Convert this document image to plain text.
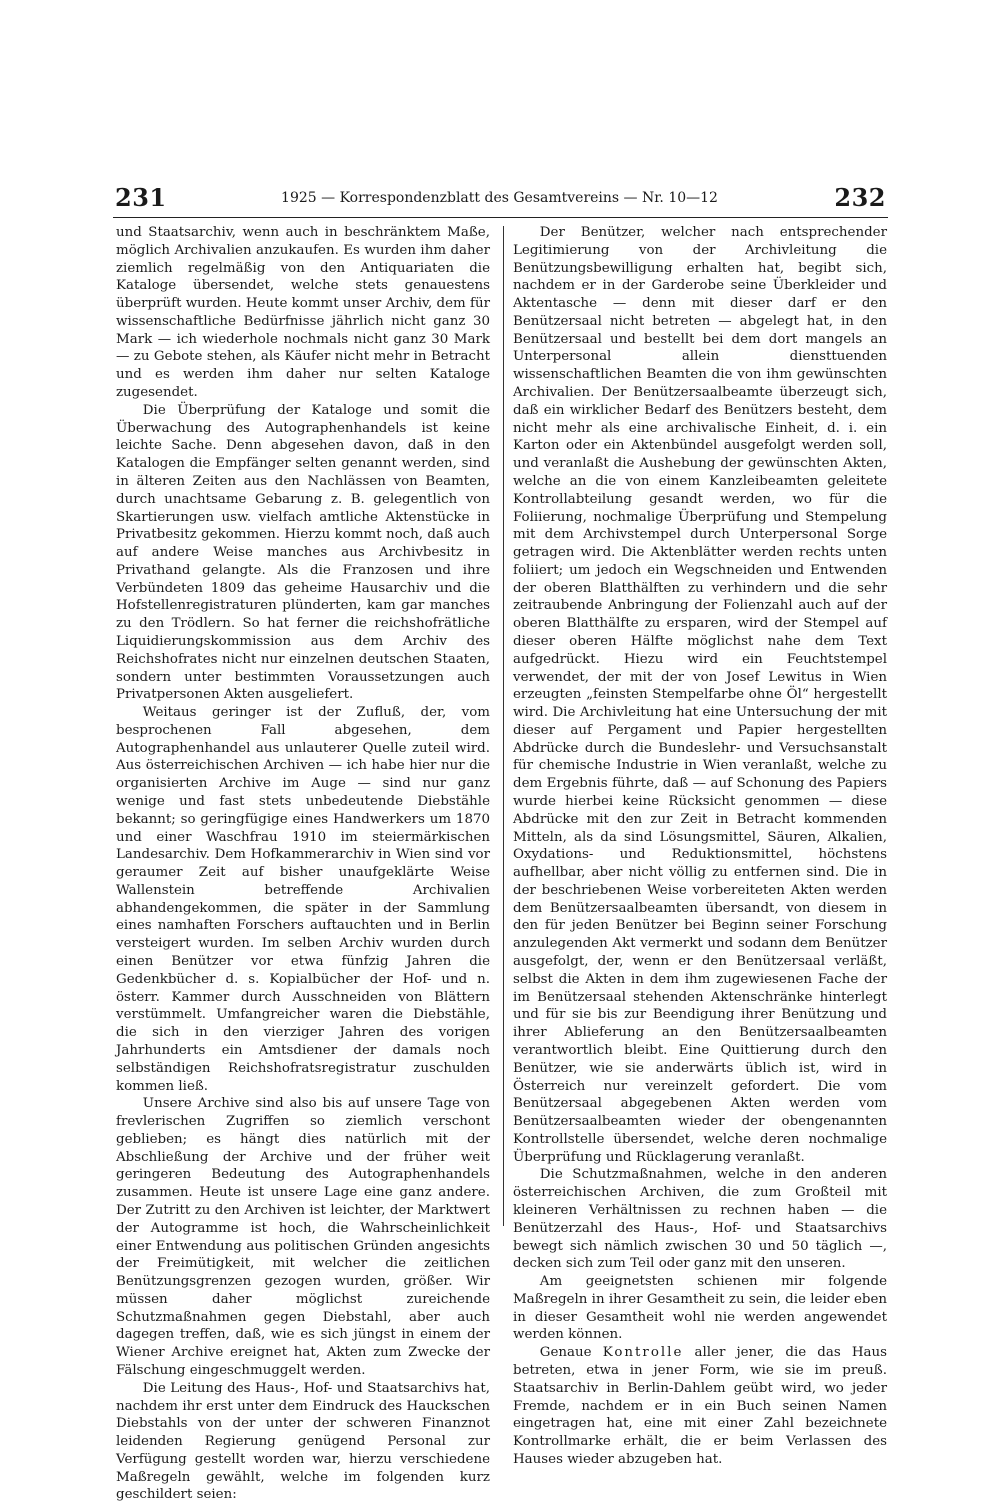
231	1925 — Korrespondenzblatt des Gesamtvereins — Nr. 10—12	232

und Staatsarchiv, wenn auch in beschränktem Maße, möglich Archivalien anzukaufen. Es wurden ihm daher ziemlich regelmäßig von den Antiquariaten die Kataloge übersendet, welche stets genauestens überprüft wurden. Heute kommt unser Archiv, dem für wissenschaftliche Bedürfnisse jährlich nicht ganz 30 Mark — ich wiederhole nochmals nicht ganz 30 Mark — zu Gebote stehen, als Käufer nicht mehr in Betracht und es werden ihm daher nur selten Kataloge zugesendet.

Die Überprüfung der Kataloge und somit die Überwachung des Autographenhandels ist keine leichte Sache. Denn abgesehen davon, daß in den Katalogen die Empfänger selten genannt werden, sind in älteren Zeiten aus den Nachlässen von Beamten, durch unachtsame Gebarung z. B. gelegentlich von Skartierungen usw. vielfach amtliche Aktenstücke in Privatbesitz gekommen. Hierzu kommt noch, daß auch auf andere Weise manches aus Archivbesitz in Privathand gelangte. Als die Franzosen und ihre Verbündeten 1809 das geheime Hausarchiv und die Hofstellenregistraturen plünderten, kam gar manches zu den Trödlern. So hat ferner die reichshofrätliche Liquidierungskommission aus dem Archiv des Reichshofrates nicht nur einzelnen deutschen Staaten, sondern unter bestimmten Voraussetzungen auch Privatpersonen Akten ausgeliefert.

Weitaus geringer ist der Zufluß, der, vom besprochenen Fall abgesehen, dem Autographenhandel aus unlauterer Quelle zuteil wird. Aus österreichischen Archiven — ich habe hier nur die organisierten Archive im Auge — sind nur ganz wenige und fast stets unbedeutende Diebstähle bekannt; so geringfügige eines Handwerkers um 1870 und einer Waschfrau 1910 im steiermärkischen Landesarchiv. Dem Hofkammerarchiv in Wien sind vor geraumer Zeit auf bisher unaufgeklärte Weise Wallenstein betreffende Archivalien abhandengekommen, die später in der Sammlung eines namhaften Forschers auftauchten und in Berlin versteigert wurden. Im selben Archiv wurden durch einen Benützer vor etwa fünfzig Jahren die Gedenkbücher d. s. Kopialbücher der Hof- und n. österr. Kammer durch Ausschneiden von Blättern verstümmelt. Umfangreicher waren die Diebstähle, die sich in den vierziger Jahren des vorigen Jahrhunderts ein Amtsdiener der damals noch selbständigen Reichshofratsregistratur zuschulden kommen ließ.

Unsere Archive sind also bis auf unsere Tage von frevlerischen Zugriffen so ziemlich verschont geblieben; es hängt dies natürlich mit der Abschließung der Archive und der früher weit geringeren Bedeutung des Autographenhandels zusammen. Heute ist unsere Lage eine ganz andere. Der Zutritt zu den Archiven ist leichter, der Marktwert der Autogramme ist hoch, die Wahrscheinlichkeit einer Entwendung aus politischen Gründen angesichts der Freimütigkeit, mit welcher die zeitlichen Benützungsgrenzen gezogen wurden, größer. Wir müssen daher möglichst zureichende Schutzmaßnahmen gegen Diebstahl, aber auch dagegen treffen, daß, wie es sich jüngst in einem der Wiener Archive ereignet hat, Akten zum Zwecke der Fälschung eingeschmuggelt werden.

Die Leitung des Haus-, Hof- und Staatsarchivs hat, nachdem ihr erst unter dem Eindruck des Hauckschen Diebstahls von der unter der schweren Finanznot leidenden Regierung genügend Personal zur Verfügung gestellt worden war, hierzu verschiedene Maßregeln gewählt, welche im folgenden kurz geschildert seien:

Der Benützer, welcher nach entsprechender Legitimierung von der Archivleitung die Benützungsbewilligung erhalten hat, begibt sich, nachdem er in der Garderobe seine Überkleider und Aktentasche — denn mit dieser darf er den Benützersaal nicht betreten — abgelegt hat, in den Benützersaal und bestellt bei dem dort mangels an Unterpersonal allein diensttuenden wissenschaftlichen Beamten die von ihm gewünschten Archivalien. Der Benützersaalbeamte überzeugt sich, daß ein wirklicher Bedarf des Benützers besteht, dem nicht mehr als eine archivalische Einheit, d. i. ein Karton oder ein Aktenbündel ausgefolgt werden soll, und veranlaßt die Aushebung der gewünschten Akten, welche an die von einem Kanzleibeamten geleitete Kontrollabteilung gesandt werden, wo für die Foliierung, nochmalige Überprüfung und Stempelung mit dem Archivstempel durch Unterpersonal Sorge getragen wird. Die Aktenblätter werden rechts unten foliiert; um jedoch ein Wegschneiden und Entwenden der oberen Blatthälften zu verhindern und die sehr zeitraubende Anbringung der Folienzahl auch auf der oberen Blatthälfte zu ersparen, wird der Stempel auf dieser oberen Hälfte möglichst nahe dem Text aufgedrückt. Hiezu wird ein Feuchtstempel verwendet, der mit der von Josef Lewitus in Wien erzeugten „feinsten Stempelfarbe ohne Öl“ hergestellt wird. Die Archivleitung hat eine Untersuchung der mit dieser auf Pergament und Papier hergestellten Abdrücke durch die Bundeslehr- und Versuchsanstalt für chemische Industrie in Wien veranlaßt, welche zu dem Ergebnis führte, daß — auf Schonung des Papiers wurde hierbei keine Rücksicht genommen — diese Abdrücke mit den zur Zeit in Betracht kommenden Mitteln, als da sind Lösungsmittel, Säuren, Alkalien, Oxydations- und Reduktionsmittel, höchstens aufhellbar, aber nicht völlig zu entfernen sind. Die in der beschriebenen Weise vorbereiteten Akten werden dem Benützersaalbeamten übersandt, von diesem in den für jeden Benützer bei Beginn seiner Forschung anzulegenden Akt vermerkt und sodann dem Benützer ausgefolgt, der, wenn er den Benützersaal verläßt, selbst die Akten in dem ihm zugewiesenen Fache der im Benützersaal stehenden Aktenschränke hinterlegt und für sie bis zur Beendigung ihrer Benützung und ihrer Ablieferung an den Benützersaalbeamten verantwortlich bleibt. Eine Quittierung durch den Benützer, wie sie anderwärts üblich ist, wird in Österreich nur vereinzelt gefordert. Die vom Benützersaal abgegebenen Akten werden vom Benützersaalbeamten wieder der obengenannten Kontrollstelle übersendet, welche deren nochmalige Überprüfung und Rücklagerung veranlaßt.

Die Schutzmaßnahmen, welche in den anderen österreichischen Archiven, die zum Großteil mit kleineren Verhältnissen zu rechnen haben — die Benützerzahl des Haus-, Hof- und Staatsarchivs bewegt sich nämlich zwischen 30 und 50 täglich —, decken sich zum Teil oder ganz mit den unseren.

Am geeignetsten schienen mir folgende Maßregeln in ihrer Gesamtheit zu sein, die leider eben in dieser Gesamtheit wohl nie werden angewendet werden können.

Genaue Kontrolle aller jener, die das Haus betreten, etwa in jener Form, wie sie im preuß. Staatsarchiv in Berlin-Dahlem geübt wird, wo jeder Fremde, nachdem er in ein Buch seinen Namen eingetragen hat, eine mit einer Zahl bezeichnete Kontrollmarke erhält, die er beim Verlassen des Hauses wieder abzugeben hat.
